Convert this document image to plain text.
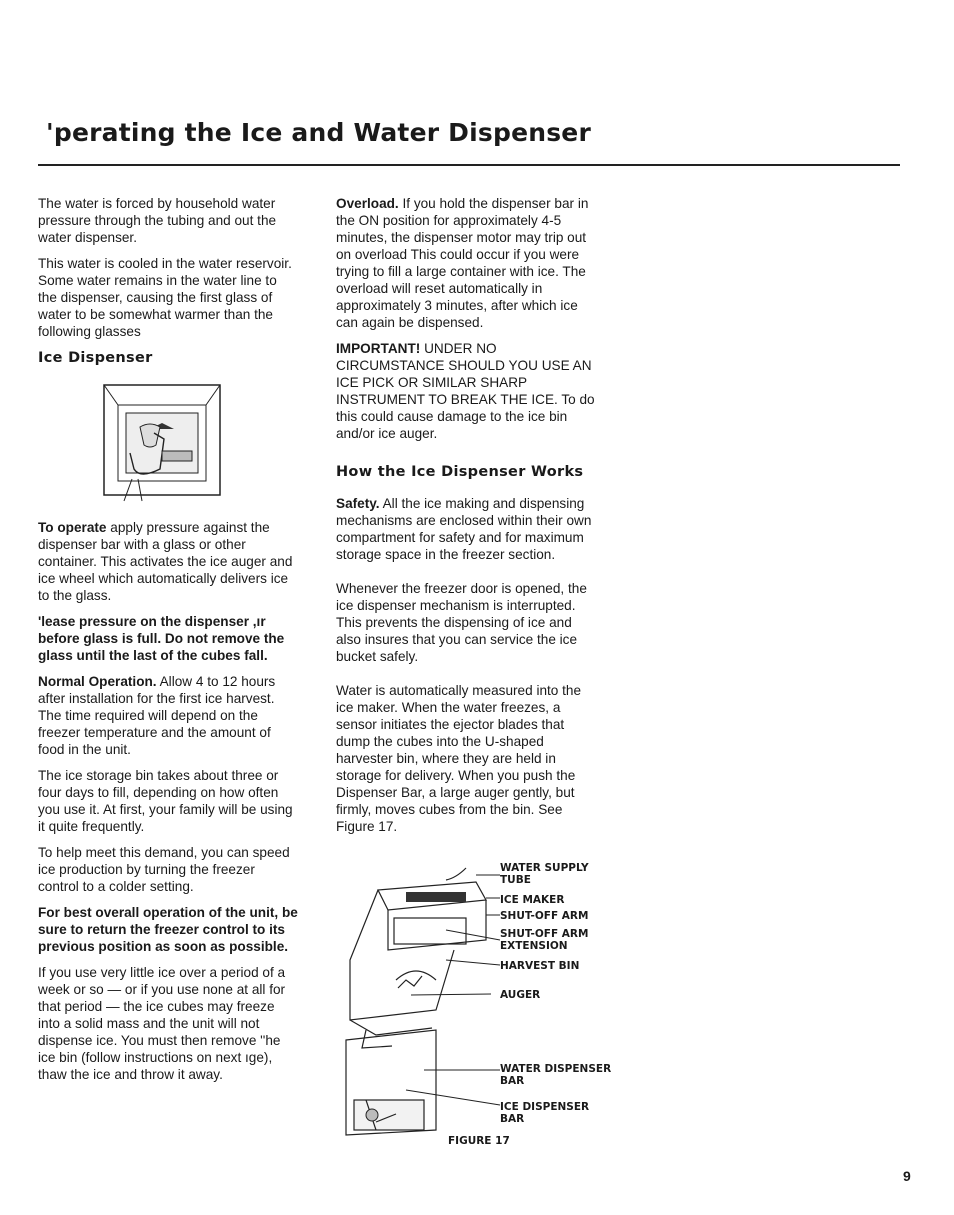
'perating the Ice and Water Dispenser

The water is forced by household water pressure through the tubing and out the water dispenser.

This water is cooled in the water reservoir. Some water remains in the water line to the dispenser, causing the first glass of water to be somewhat warmer than the following glasses

Ice Dispenser

To operate apply pressure against the dispenser bar with a glass or other container. This activates the ice auger and ice wheel which automatically delivers ice to the glass.

'lease pressure on the dispenser ,ır before glass is full. Do not remove the glass until the last of the cubes fall.

Normal Operation. Allow 4 to 12 hours after installation for the first ice harvest. The time required will depend on the freezer temperature and the amount of food in the unit.

The ice storage bin takes about three or four days to fill, depending on how often you use it. At first, your family will be using it quite frequently.

To help meet this demand, you can speed ice production by turning the freezer control to a colder setting.

For best overall operation of the unit, be sure to return the freezer control to its previous position as soon as possible.

If you use very little ice over a period of a week or so — or if you use none at all for that period — the ice cubes may freeze into a solid mass and the unit will not dispense ice. You must then remove ''he ice bin (follow instructions on next ıge), thaw the ice and throw it away.

Overload. If you hold the dispenser bar in the ON position for approximately 4-5 minutes, the dispenser motor may trip out on overload This could occur if you were trying to fill a large container with ice. The overload will reset automatically in approximately 3 minutes, after which ice can again be dispensed.

IMPORTANT! UNDER NO CIRCUMSTANCE SHOULD YOU USE AN ICE PICK OR SIMILAR SHARP INSTRUMENT TO BREAK THE ICE. To do this could cause damage to the ice bin and/or ice auger.

How the Ice Dispenser Works

Safety. All the ice making and dispensing mechanisms are enclosed within their own compartment for safety and for maximum storage space in the freezer section.

Whenever the freezer door is opened, the ice dispenser mechanism is interrupted. This prevents the dispensing of ice and also insures that you can service the ice bucket safely.

Water is automatically measured into the ice maker. When the water freezes, a sensor initiates the ejector blades that dump the cubes into the U-shaped harvester bin, where they are held in storage for delivery. When you push the Dispenser Bar, a large auger gently, but firmly, moves cubes from the bin. See Figure 17.

WATER SUPPLY
TUBE
ICE MAKER
SHUT-OFF ARM
SHUT-OFF ARM
EXTENSION
HARVEST BIN
AUGER
WATER DISPENSER
BAR
ICE DISPENSER
BAR
FIGURE 17
9
